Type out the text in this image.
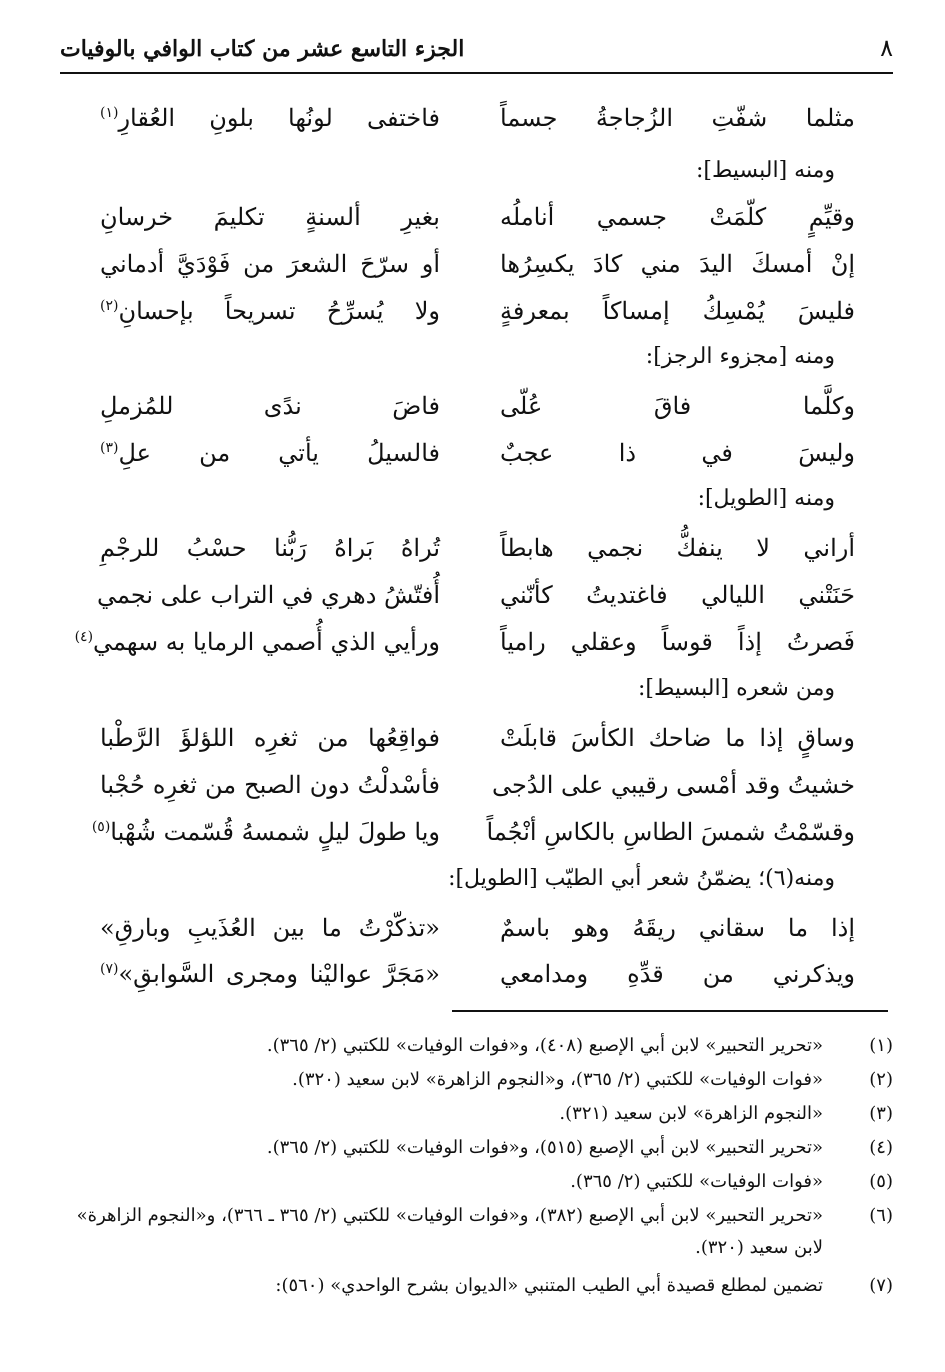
٨
الجزء التاسع عشر من كتاب الوافي بالوفيات
مثلما شفّتِ الزُجاجةُ جسماً
فاختفى لونُها بلونِ العُقارِ$^{(١)}$
ومنه [البسيط]:
وقيِّمٍ كلّمَتْ جسمي أناملُه
بغيرِ ألسنةٍ تكليمَ خرسانِ
إنْ أمسكَ اليدَ مني كادَ يكسِرُها
أو سرّحَ الشعرَ من فَوْدَيَّ أدماني
فليسَ يُمْسِكُ إمساكاً بمعرفةٍ
ولا يُسرِّحُ تسريحاً بإحسانِ$^{(٢)}$
ومنه [مجزوء الرجز]:
وكلَّما فاقَ عُلّى
فاضَ ندًى للمُزملِ
وليسَ في ذا عجبٌ
فالسيلُ يأتي من علِ$^{(٣)}$
ومنه [الطويل]:
أراني لا ينفكُّ نجمي هابطاً
تُراهُ بَراهُ رَبُّنا حسْبُ للرجْمِ
حَنَتْني الليالي فاغتديتُ كأنّني
أُفتّشُ دهري في التراب على نجمي
فَصرتُ إذاً قوساً وعقلي رامياً
ورأيي الذي أُصمي الرمايا به سهمي$^{(٤)}$
ومن شعره [البسيط]:
وساقٍ إذا ما ضاحك الكأسَ قابلَتْ
فواقِعُها من ثغرِه اللؤلؤَ الرَّطْبا
خشيتُ وقد أمْسى رقيبي على الدُجى
فأسْدلْتُ دون الصبح من ثغرِه حُجْبا
وقسّمْتُ شمسَ الطاسِ بالكاسِ أنْجُماً
ويا طولَ ليلٍ شمسهُ قُسّمت شُهْبا$^{(٥)}$
ومنه(٦)؛ يضمّنُ شعر أبي الطيّب [الطويل]:
إذا ما سقاني ريقَهُ وهو باسمٌ
«تذكّرْتُ ما بين العُذَيبِ وبارقِ»
ويذكرني من قدِّهِ ومدامعي
«مَجَرَّ عواليْنا ومجرى السَّوابقِ»$^{(٧)}$
(١)
«تحرير التحبير» لابن أبي الإصبع (٤٠٨)، و«فوات الوفيات» للكتبي (٢/ ٣٦٥).
(٢)
«فوات الوفيات» للكتبي (٢/ ٣٦٥)، و«النجوم الزاهرة» لابن سعيد (٣٢٠).
(٣)
«النجوم الزاهرة» لابن سعيد (٣٢١).
(٤)
«تحرير التحبير» لابن أبي الإصبع (٥١٥)، و«فوات الوفيات» للكتبي (٢/ ٣٦٥).
(٥)
«فوات الوفيات» للكتبي (٢/ ٣٦٥).
(٦)
«تحرير التحبير» لابن أبي الإصبع (٣٨٢)، و«فوات الوفيات» للكتبي (٢/ ٣٦٥ ـ ٣٦٦)، و«النجوم الزاهرة» لابن سعيد (٣٢٠).
(٧)
تضمين لمطلع قصيدة أبي الطيب المتنبي «الديوان بشرح الواحدي» (٥٦٠):
